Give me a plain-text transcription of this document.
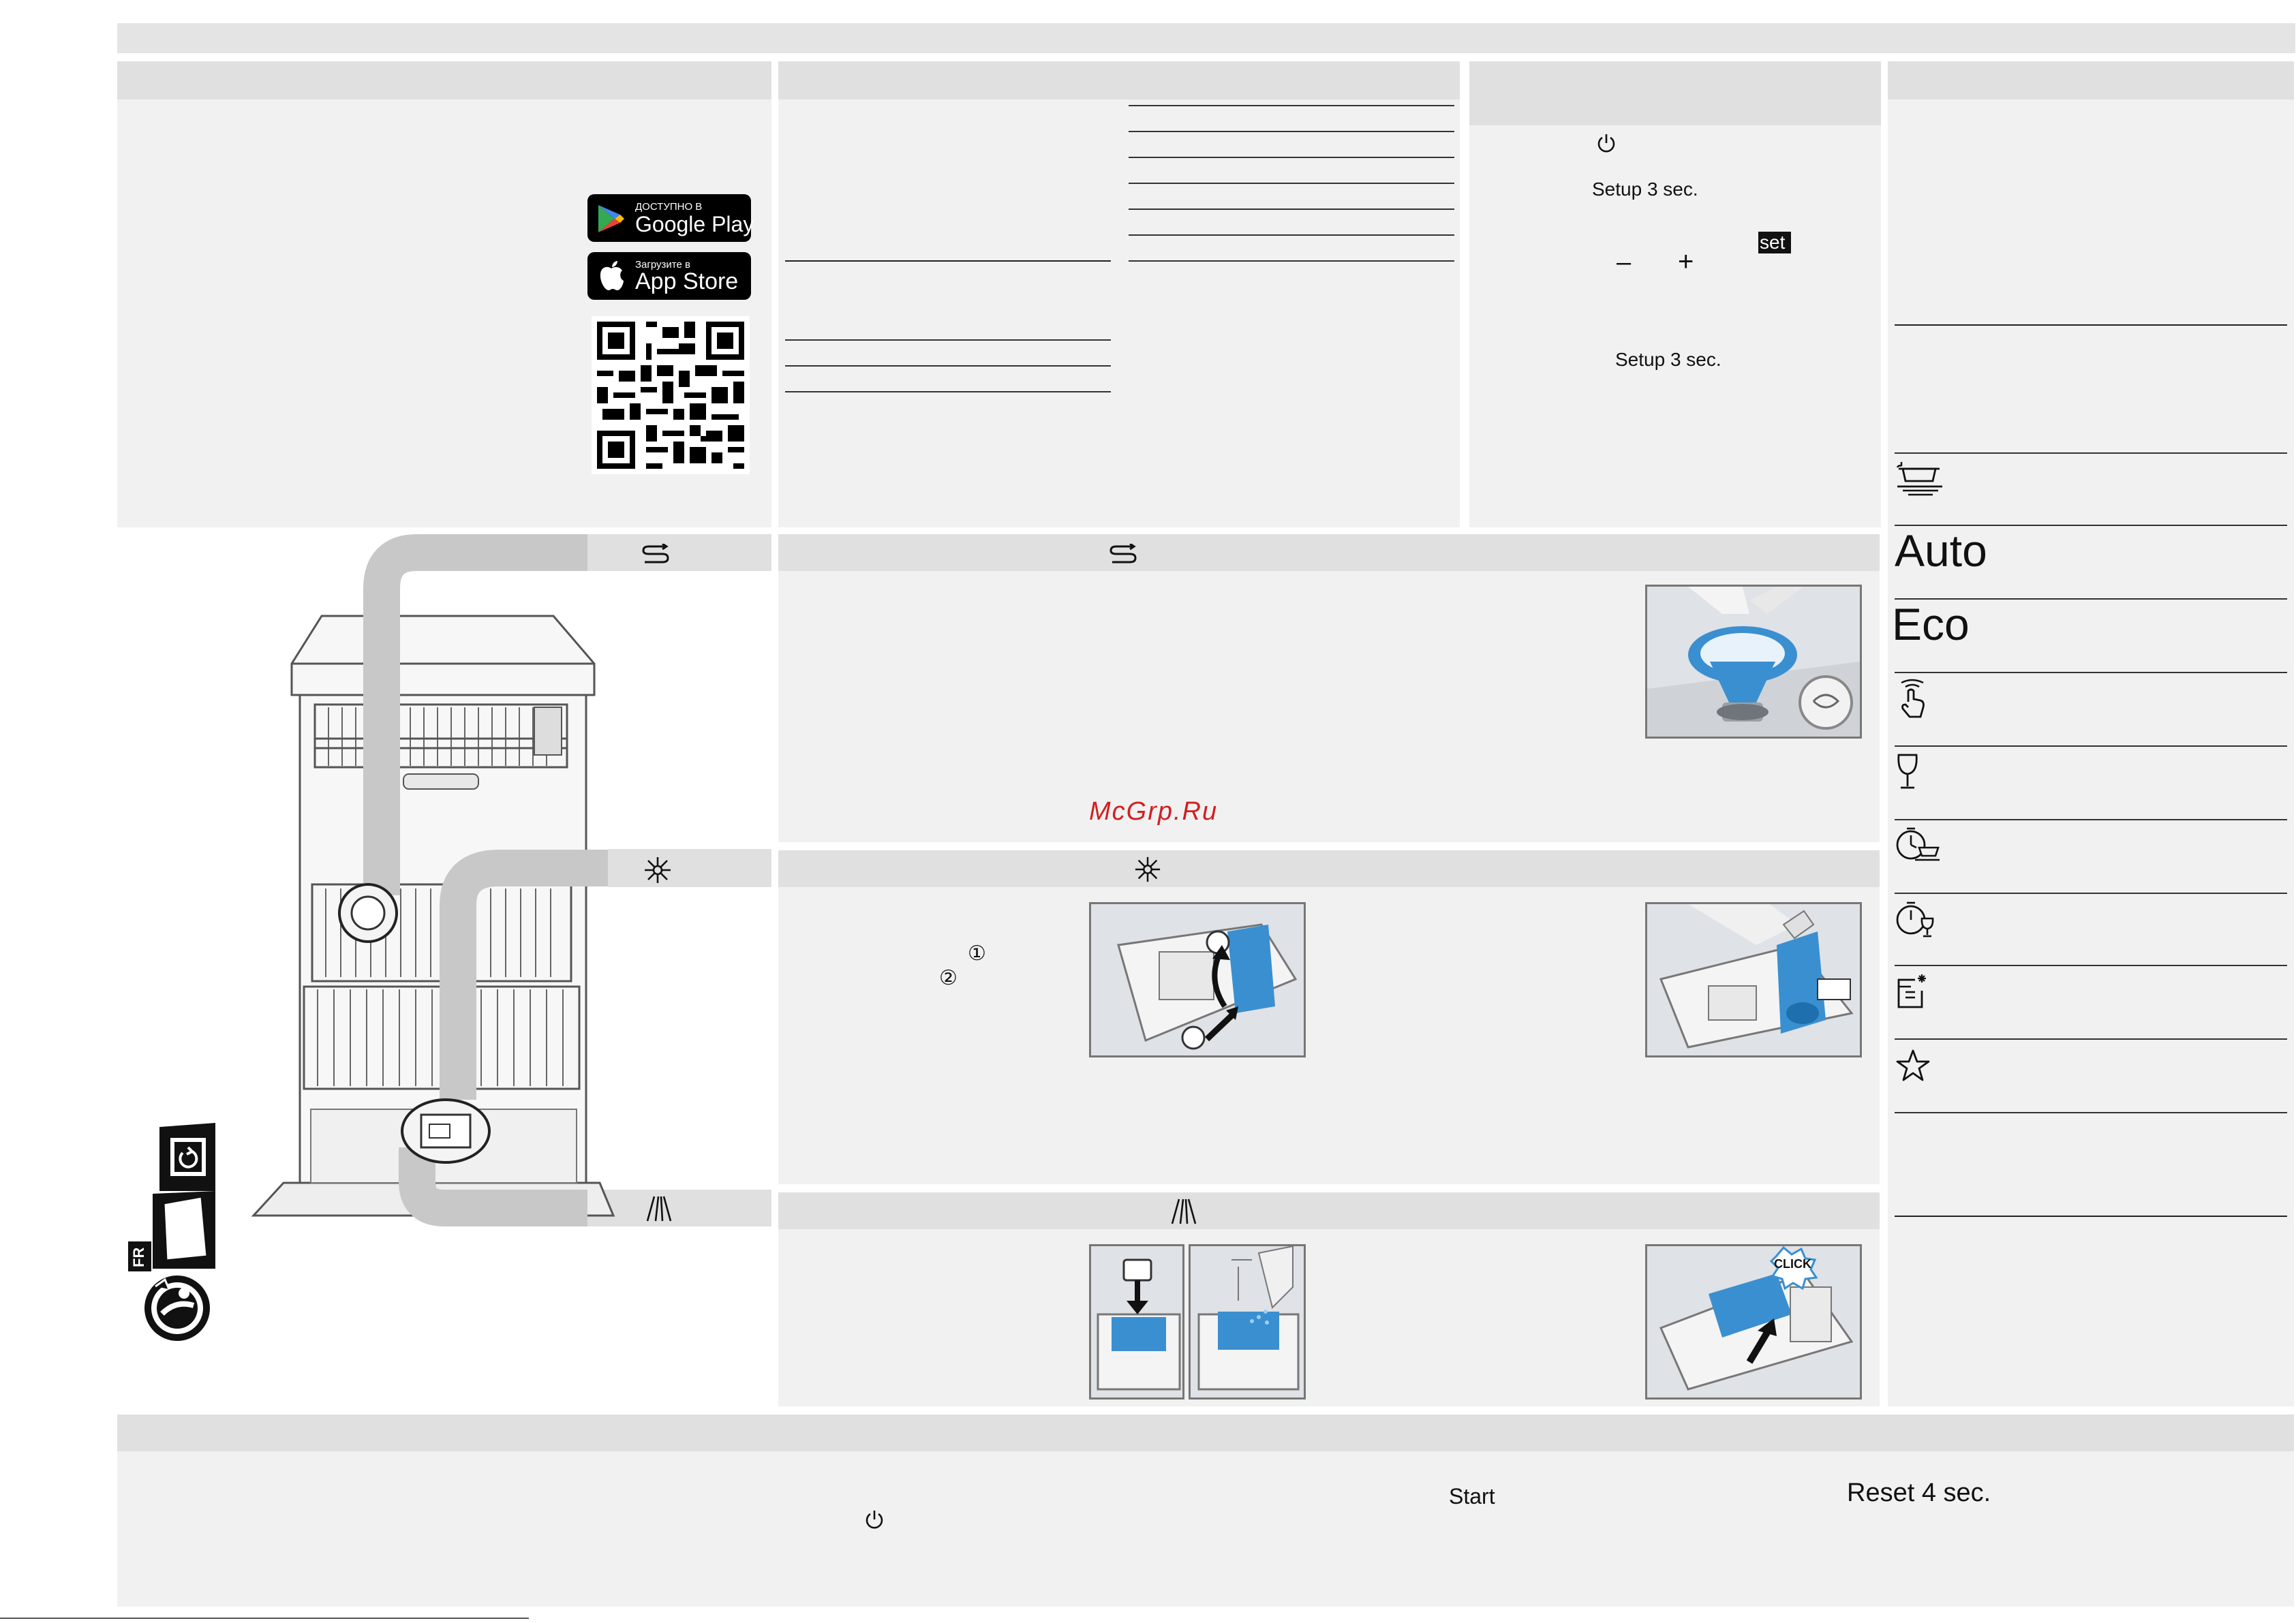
ДОСТУПНО В
Google Play
Загрузите в
App Store
Setup 3 sec.
set
– +
Setup 3 sec.
Auto
Eco
FR
McGrp.Ru
①
②
CLICK
Start	Reset 4 sec.
